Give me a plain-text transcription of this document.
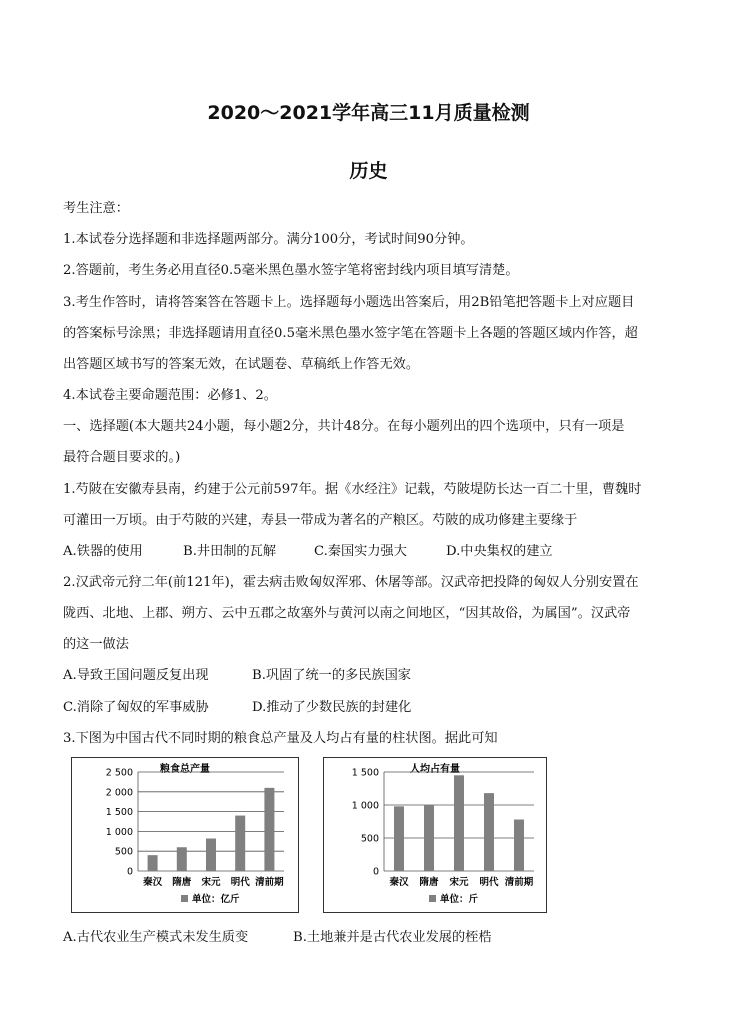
2020～2021学年高三11月质量检测
历史
考生注意：
1.本试卷分选择题和非选择题两部分。满分100分，考试时间90分钟。
2.答题前，考生务必用直径0.5毫米黑色墨水签字笔将密封线内项目填写清楚。
3.考生作答时，请将答案答在答题卡上。选择题每小题选出答案后，用2B铅笔把答题卡上对应题目
的答案标号涂黑；非选择题请用直径0.5毫米黑色墨水签字笔在答题卡上各题的答题区域内作答，超
出答题区域书写的答案无效，在试题卷、草稿纸上作答无效。
4.本试卷主要命题范围：必修1、2。
一、选择题(本大题共24小题，每小题2分，共计48分。在每小题列出的四个选项中，只有一项是
最符合题目要求的。)
1.芍陂在安徽寿县南，约建于公元前597年。据《水经注》记载，芍陂堤防长达一百二十里，曹魏时
可灌田一万顷。由于芍陂的兴建，寿县一带成为著名的产粮区。芍陂的成功修建主要缘于
A.铁器的使用	B.井田制的瓦解	C.秦国实力强大	D.中央集权的建立
2.汉武帝元狩二年(前121年)，霍去病击败匈奴浑邪、休屠等部。汉武帝把投降的匈奴人分别安置在
陇西、北地、上郡、朔方、云中五郡之故塞外与黄河以南之间地区，“因其故俗，为属国”。汉武帝
的这一做法
A.导致王国问题反复出现	B.巩固了统一的多民族国家
C.消除了匈奴的军事威胁	D.推动了少数民族的封建化
3.下图为中国古代不同时期的粮食总产量及人均占有量的柱状图。据此可知
粮食总产量
0
500
1 000
1 500
2 000
2 500
秦汉 隋唐 宋元 明代 清前期
单位：亿斤
人均占有量
0
500
1 000
1 500
秦汉 隋唐 宋元 明代 清前期
单位：斤
A.古代农业生产模式未发生质变	B.土地兼并是古代农业发展的桎梏
